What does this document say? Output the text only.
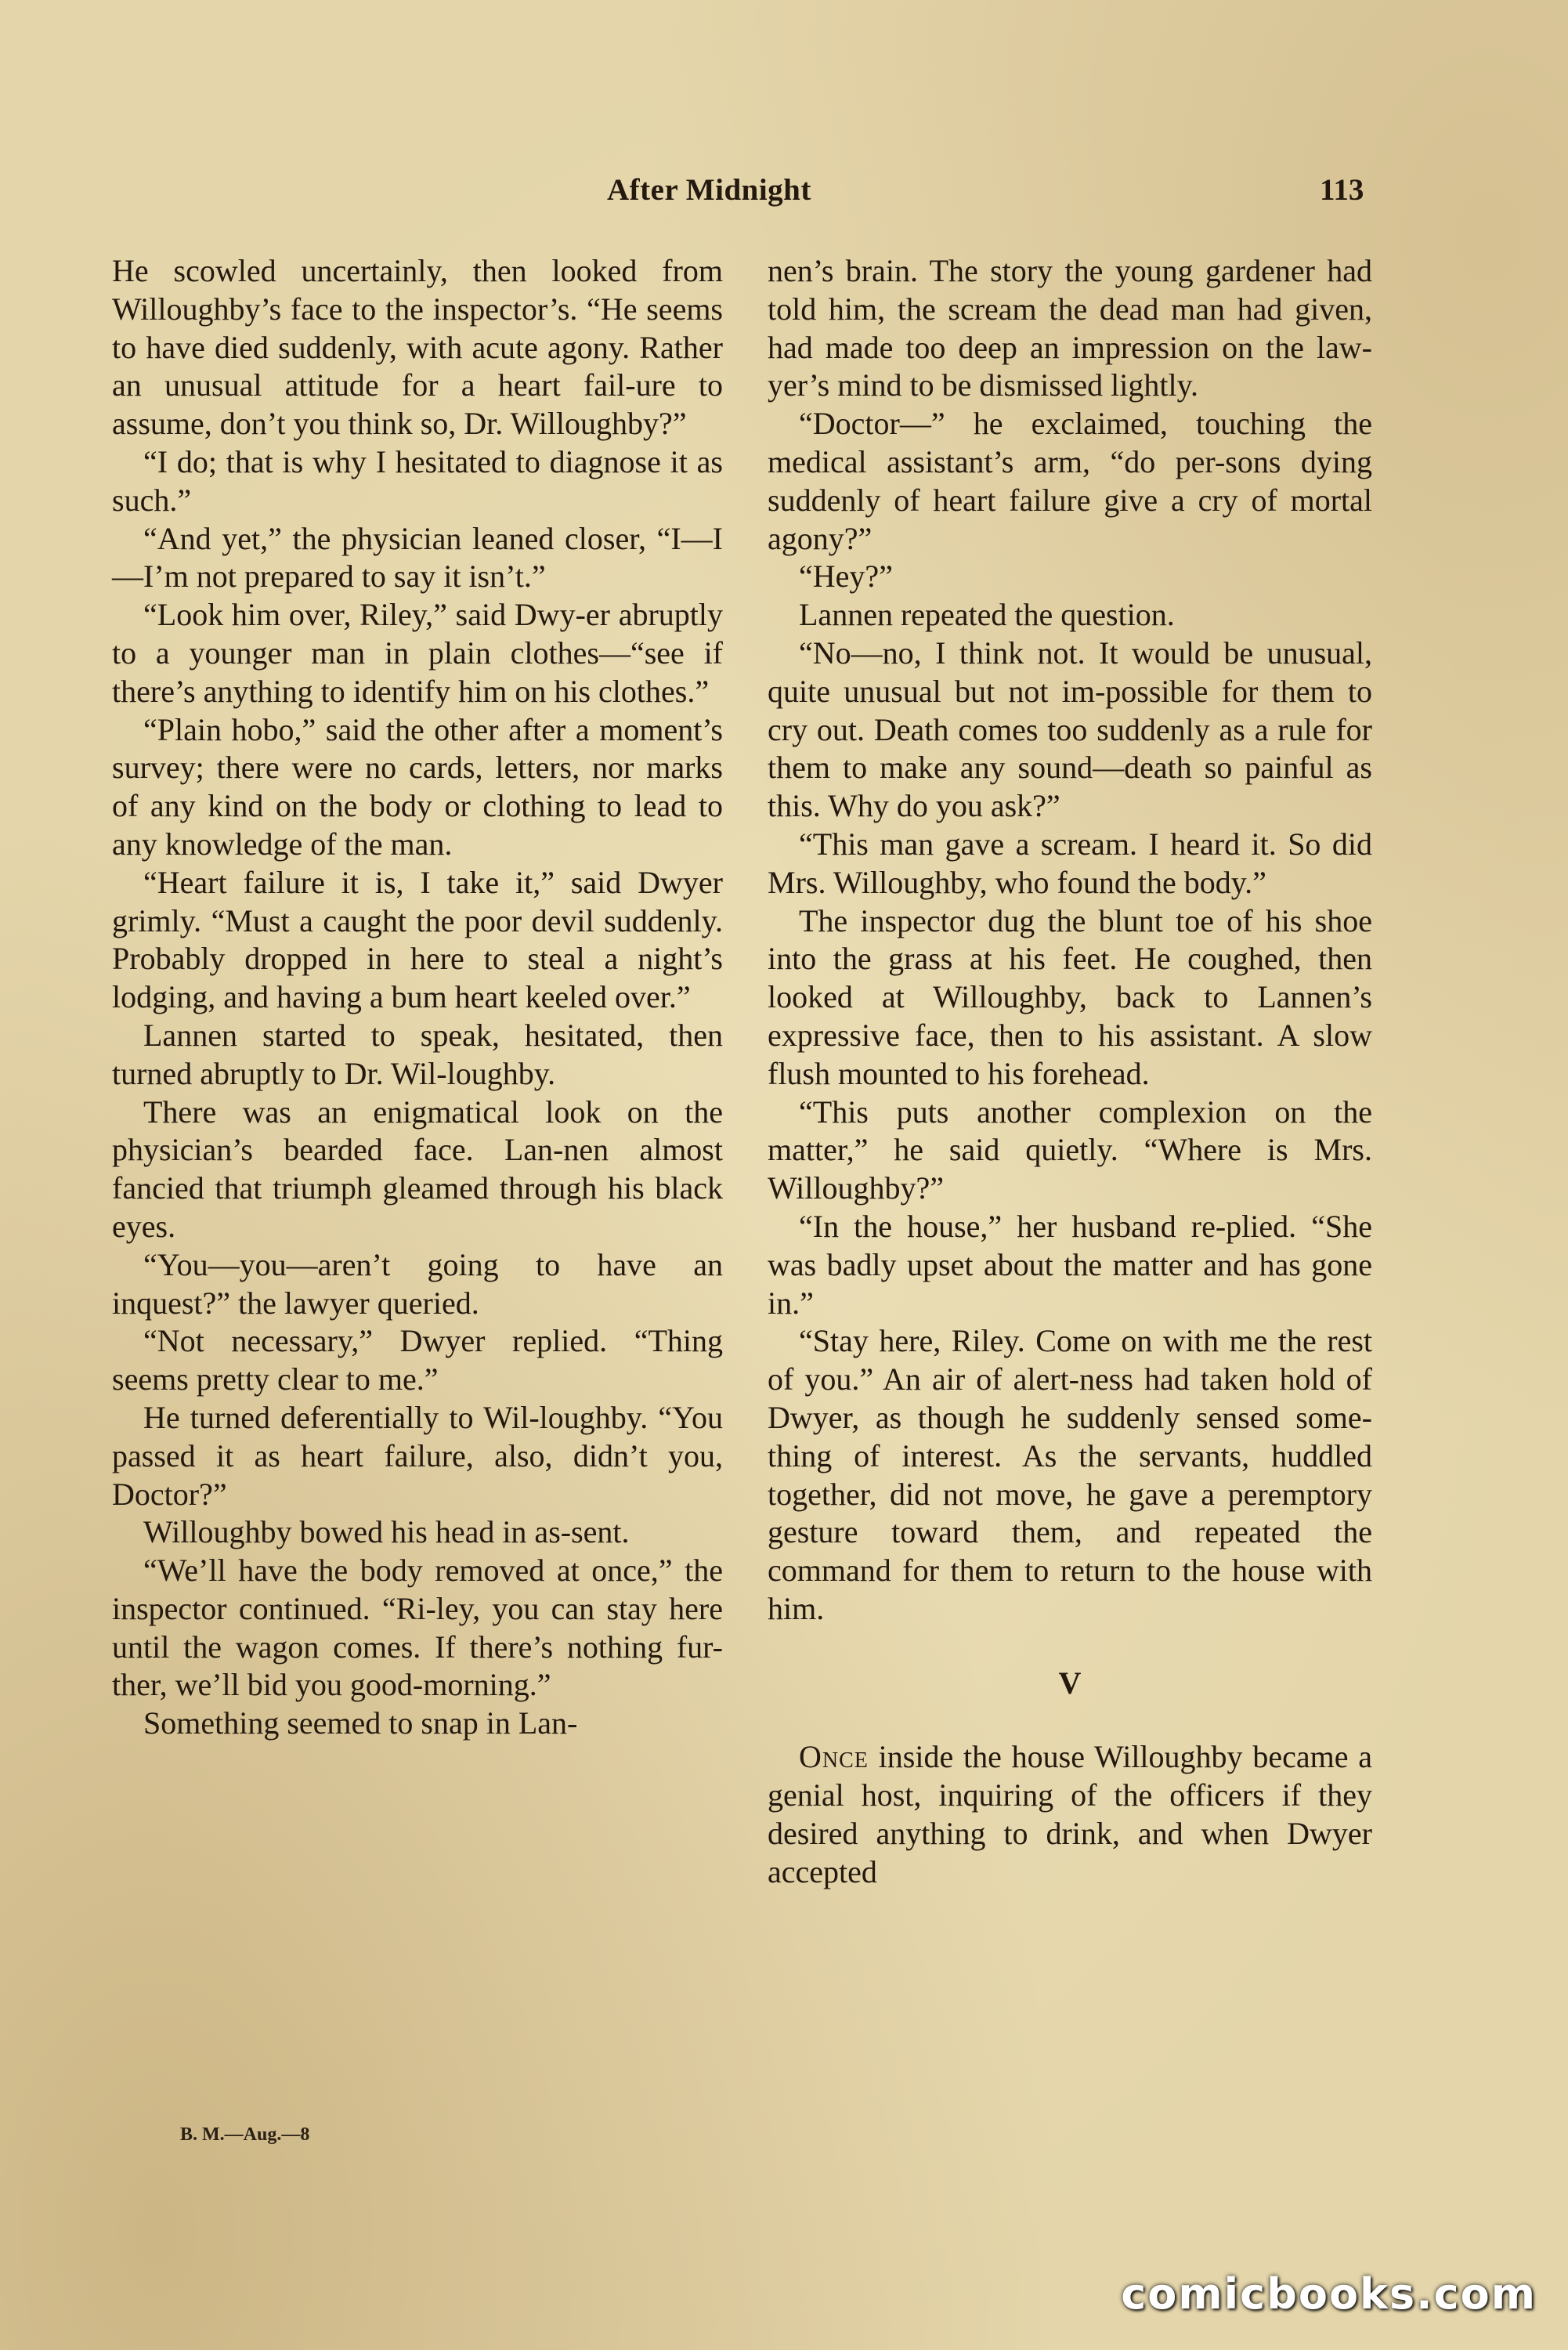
After Midnight	113

He scowled uncertainly, then looked from Willoughby’s face to the inspector’s. “He seems to have died suddenly, with acute agony. Rather an unusual attitude for a heart fail-ure to assume, don’t you think so, Dr. Willoughby?”

“I do; that is why I hesitated to diagnose it as such.”

“And yet,” the physician leaned closer, “I—I—I’m not prepared to say it isn’t.”

“Look him over, Riley,” said Dwy-er abruptly to a younger man in plain clothes—“see if there’s anything to identify him on his clothes.”

“Plain hobo,” said the other after a moment’s survey; there were no cards, letters, nor marks of any kind on the body or clothing to lead to any knowledge of the man.

“Heart failure it is, I take it,” said Dwyer grimly. “Must a caught the poor devil suddenly. Probably dropped in here to steal a night’s lodging, and having a bum heart keeled over.”

Lannen started to speak, hesitated, then turned abruptly to Dr. Wil-loughby.

There was an enigmatical look on the physician’s bearded face. Lan-nen almost fancied that triumph gleamed through his black eyes.

“You—you—aren’t going to have an inquest?” the lawyer queried.

“Not necessary,” Dwyer replied. “Thing seems pretty clear to me.”

He turned deferentially to Wil-loughby. “You passed it as heart failure, also, didn’t you, Doctor?”

Willoughby bowed his head in as-sent.

“We’ll have the body removed at once,” the inspector continued. “Ri-ley, you can stay here until the wagon comes. If there’s nothing fur-ther, we’ll bid you good-morning.”

Something seemed to snap in Lan-

nen’s brain. The story the young gardener had told him, the scream the dead man had given, had made too deep an impression on the law-yer’s mind to be dismissed lightly.

“Doctor—” he exclaimed, touching the medical assistant’s arm, “do per-sons dying suddenly of heart failure give a cry of mortal agony?”

“Hey?”

Lannen repeated the question.

“No—no, I think not. It would be unusual, quite unusual but not im-possible for them to cry out. Death comes too suddenly as a rule for them to make any sound—death so painful as this. Why do you ask?”

“This man gave a scream. I heard it. So did Mrs. Willoughby, who found the body.”

The inspector dug the blunt toe of his shoe into the grass at his feet. He coughed, then looked at Willoughby, back to Lannen’s expressive face, then to his assistant. A slow flush mounted to his forehead.

“This puts another complexion on the matter,” he said quietly. “Where is Mrs. Willoughby?”

“In the house,” her husband re-plied. “She was badly upset about the matter and has gone in.”

“Stay here, Riley. Come on with me the rest of you.” An air of alert-ness had taken hold of Dwyer, as though he suddenly sensed some-thing of interest. As the servants, huddled together, did not move, he gave a peremptory gesture toward them, and repeated the command for them to return to the house with him.

V

Once inside the house Willoughby became a genial host, inquiring of the officers if they desired anything to drink, and when Dwyer accepted

B. M.—Aug.—8
comicbooks.com
